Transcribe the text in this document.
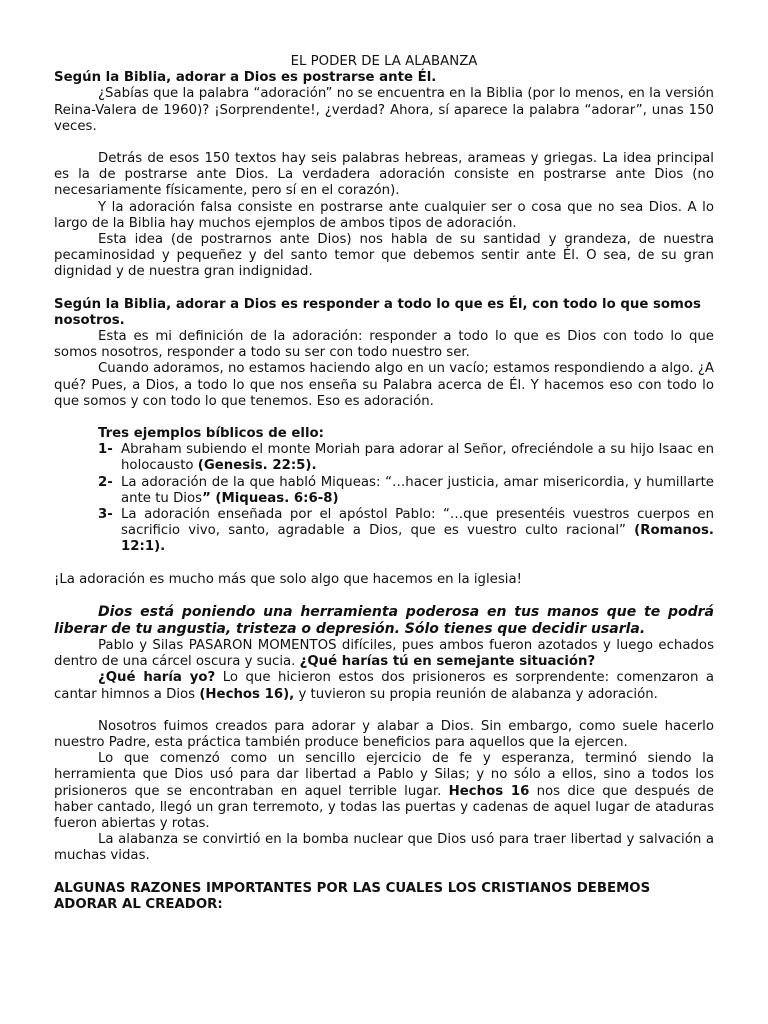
EL PODER DE LA ALABANZA

Según la Biblia, adorar a Dios es postrarse ante Él.

¿Sabías que la palabra “adoración” no se encuentra en la Biblia (por lo menos, en la versión Reina-Valera de 1960)? ¡Sorprendente!, ¿verdad? Ahora, sí aparece la palabra “adorar”, unas 150 veces.

Detrás de esos 150 textos hay seis palabras hebreas, arameas y griegas. La idea principal es la de postrarse ante Dios. La verdadera adoración consiste en postrarse ante Dios (no necesariamente físicamente, pero sí en el corazón).

Y la adoración falsa consiste en postrarse ante cualquier ser o cosa que no sea Dios. A lo largo de la Biblia hay muchos ejemplos de ambos tipos de adoración.

Esta idea (de postrarnos ante Dios) nos habla de su santidad y grandeza, de nuestra pecaminosidad y pequeñez y del santo temor que debemos sentir ante Él. O sea, de su gran dignidad y de nuestra gran indignidad.

Según la Biblia, adorar a Dios es responder a todo lo que es Él, con todo lo que somos nosotros.

Esta es mi definición de la adoración: responder a todo lo que es Dios con todo lo que somos nosotros, responder a todo su ser con todo nuestro ser.

Cuando adoramos, no estamos haciendo algo en un vacío; estamos respondiendo a algo. ¿A qué? Pues, a Dios, a todo lo que nos enseña su Palabra acerca de Él. Y hacemos eso con todo lo que somos y con todo lo que tenemos. Eso es adoración.

Tres ejemplos bíblicos de ello:

1- Abraham subiendo el monte Moriah para adorar al Señor, ofreciéndole a su hijo Isaac en holocausto (Genesis. 22:5).
2- La adoración de la que habló Miqueas: “…hacer justicia, amar misericordia, y humillarte ante tu Dios” (Miqueas. 6:6-8)
3- La adoración enseñada por el apóstol Pablo: “…que presentéis vuestros cuerpos en sacrificio vivo, santo, agradable a Dios, que es vuestro culto racional” (Romanos. 12:1).

¡La adoración es mucho más que solo algo que hacemos en la iglesia!

Dios está poniendo una herramienta poderosa en tus manos que te podrá liberar de tu angustia, tristeza o depresión. Sólo tienes que decidir usarla.

Pablo y Silas PASARON MOMENTOS difíciles, pues ambos fueron azotados y luego echados dentro de una cárcel oscura y sucia. ¿Qué harías tú en semejante situación?

¿Qué haría yo? Lo que hicieron estos dos prisioneros es sorprendente: comenzaron a cantar himnos a Dios (Hechos 16), y tuvieron su propia reunión de alabanza y adoración.

Nosotros fuimos creados para adorar y alabar a Dios. Sin embargo, como suele hacerlo nuestro Padre, esta práctica también produce beneficios para aquellos que la ejercen.

Lo que comenzó como un sencillo ejercicio de fe y esperanza, terminó siendo la herramienta que Dios usó para dar libertad a Pablo y Silas; y no sólo a ellos, sino a todos los prisioneros que se encontraban en aquel terrible lugar. Hechos 16 nos dice que después de haber cantado, llegó un gran terremoto, y todas las puertas y cadenas de aquel lugar de ataduras fueron abiertas y rotas.

La alabanza se convirtió en la bomba nuclear que Dios usó para traer libertad y salvación a muchas vidas.

ALGUNAS RAZONES IMPORTANTES POR LAS CUALES LOS CRISTIANOS DEBEMOS ADORAR AL CREADOR:
